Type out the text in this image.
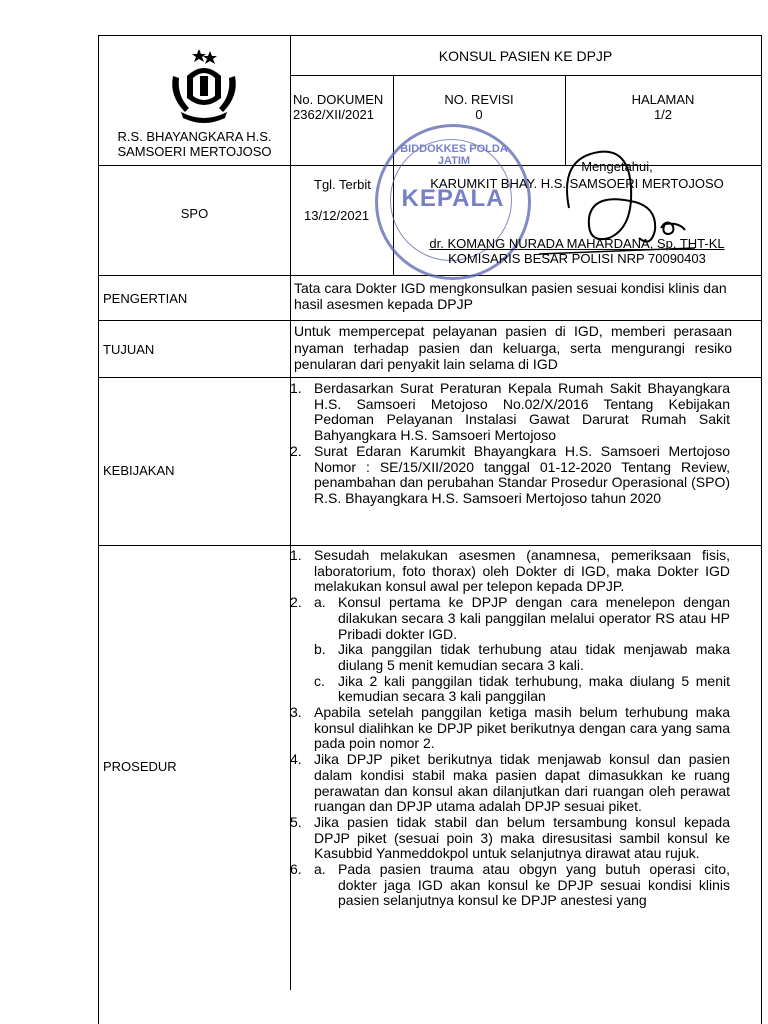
R.S. BHAYANGKARA H.S.
SAMSOERI MERTOJOSO
KONSUL PASIEN KE DPJP
No. DOKUMEN
2362/XII/2021
NO. REVISI
0
HALAMAN
1/2
SPO
Tgl. Terbit
13/12/2021
BIDDOKKES POLDA JATIM
KEPALA
Mengetahui,
KARUMKIT BHAY. H.S. SAMSOERI MERTOJOSO
dr. KOMANG NURADA MAHARDANA, Sp. THT-KL
KOMISARIS BESAR POLISI NRP 70090403
PENGERTIAN
Tata cara Dokter IGD mengkonsulkan pasien sesuai kondisi klinis dan hasil asesmen kepada DPJP
TUJUAN
Untuk mempercepat pelayanan pasien di IGD, memberi perasaan nyaman terhadap pasien dan keluarga, serta mengurangi resiko penularan dari penyakit lain selama di IGD
KEBIJAKAN
1. Berdasarkan Surat Peraturan Kepala Rumah Sakit Bhayangkara H.S. Samsoeri Metojoso No.02/X/2016 Tentang Kebijakan Pedoman Pelayanan Instalasi Gawat Darurat Rumah Sakit Bahyangkara H.S. Samsoeri Mertojoso
2. Surat Edaran Karumkit Bhayangkara H.S. Samsoeri Mertojoso Nomor : SE/15/XII/2020 tanggal 01-12-2020 Tentang Review, penambahan dan perubahan Standar Prosedur Operasional (SPO) R.S. Bhayangkara H.S. Samsoeri Mertojoso tahun 2020
PROSEDUR
1. Sesudah melakukan asesmen (anamnesa, pemeriksaan fisis, laboratorium, foto thorax) oleh Dokter di IGD, maka Dokter IGD melakukan konsul awal per telepon kepada DPJP.
2. a. Konsul pertama ke DPJP dengan cara menelepon dengan dilakukan secara 3 kali panggilan melalui operator RS atau HP Pribadi dokter IGD.
b. Jika panggilan tidak terhubung atau tidak menjawab maka diulang 5 menit kemudian secara 3 kali.
c. Jika 2 kali panggilan tidak terhubung, maka diulang 5 menit kemudian secara 3 kali panggilan
3. Apabila setelah panggilan ketiga masih belum terhubung maka konsul dialihkan ke DPJP piket berikutnya dengan cara yang sama pada poin nomor 2.
4. Jika DPJP piket berikutnya tidak menjawab konsul dan pasien dalam kondisi stabil maka pasien dapat dimasukkan ke ruang perawatan dan konsul akan dilanjutkan dari ruangan oleh perawat ruangan dan DPJP utama adalah DPJP sesuai piket.
5. Jika pasien tidak stabil dan belum tersambung konsul kepada DPJP piket (sesuai poin 3) maka diresusitasi sambil konsul ke Kasubbid Yanmeddokpol untuk selanjutnya dirawat atau rujuk.
6. a. Pada pasien trauma atau obgyn yang butuh operasi cito, dokter jaga IGD akan konsul ke DPJP sesuai kondisi klinis pasien selanjutnya konsul ke DPJP anestesi yang
